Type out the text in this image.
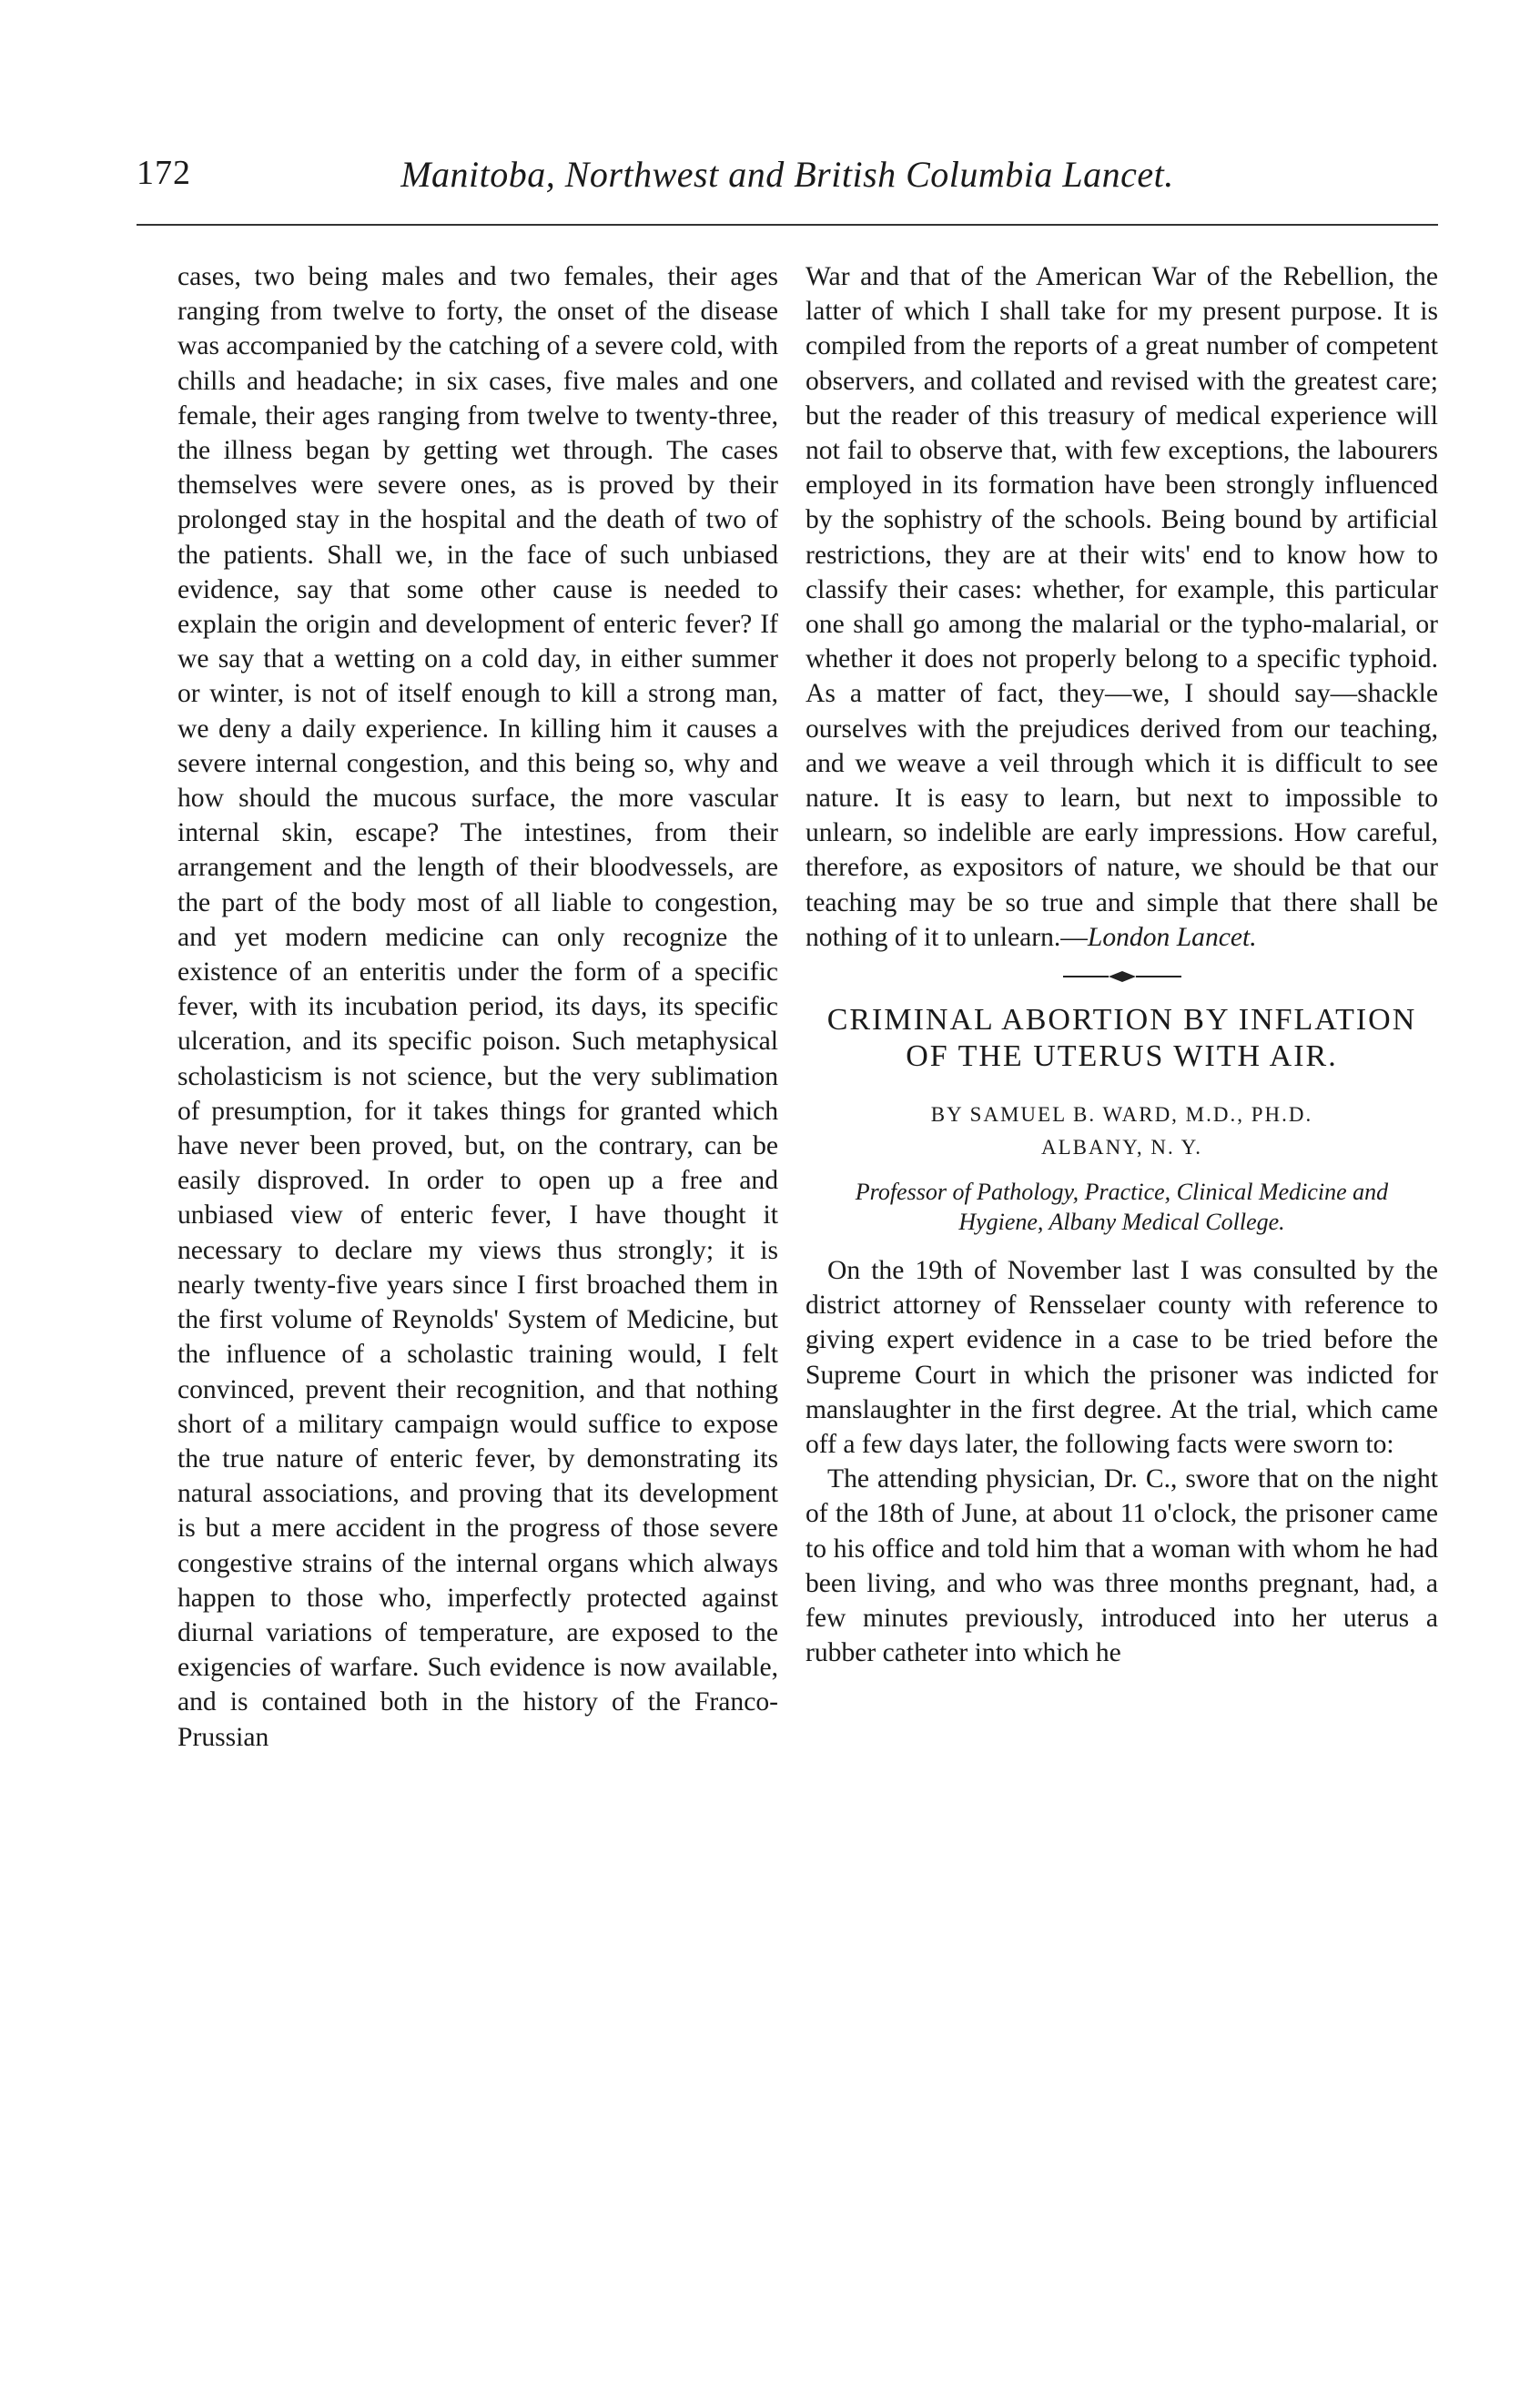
172	Manitoba, Northwest and British Columbia Lancet.

cases, two being males and two females, their ages ranging from twelve to forty, the onset of the disease was accompanied by the catching of a severe cold, with chills and headache; in six cases, five males and one female, their ages ranging from twelve to twenty-three, the illness began by getting wet through. The cases themselves were severe ones, as is proved by their prolonged stay in the hospital and the death of two of the patients. Shall we, in the face of such unbiased evidence, say that some other cause is needed to explain the origin and development of enteric fever? If we say that a wetting on a cold day, in either summer or winter, is not of itself enough to kill a strong man, we deny a daily experience. In killing him it causes a severe internal congestion, and this being so, why and how should the mucous surface, the more vascular internal skin, escape? The intestines, from their arrangement and the length of their bloodvessels, are the part of the body most of all liable to congestion, and yet modern medicine can only recognize the existence of an enteritis under the form of a specific fever, with its incubation period, its days, its specific ulceration, and its specific poison. Such metaphysical scholasticism is not science, but the very sublimation of presumption, for it takes things for granted which have never been proved, but, on the contrary, can be easily disproved. In order to open up a free and unbiased view of enteric fever, I have thought it necessary to declare my views thus strongly; it is nearly twenty-five years since I first broached them in the first volume of Reynolds' System of Medicine, but the influence of a scholastic training would, I felt convinced, prevent their recognition, and that nothing short of a military campaign would suffice to expose the true nature of enteric fever, by demonstrating its natural associations, and proving that its development is but a mere accident in the progress of those severe congestive strains of the internal organs which always happen to those who, imperfectly protected against diurnal variations of temperature, are exposed to the exigencies of warfare. Such evidence is now available, and is contained both in the history of the Franco-Prussian

War and that of the American War of the Rebellion, the latter of which I shall take for my present purpose. It is compiled from the reports of a great number of competent observers, and collated and revised with the greatest care; but the reader of this treasury of medical experience will not fail to observe that, with few exceptions, the labourers employed in its formation have been strongly influenced by the sophistry of the schools. Being bound by artificial restrictions, they are at their wits' end to know how to classify their cases: whether, for example, this particular one shall go among the malarial or the typho-malarial, or whether it does not properly belong to a specific typhoid. As a matter of fact, they—we, I should say—shackle ourselves with the prejudices derived from our teaching, and we weave a veil through which it is difficult to see nature. It is easy to learn, but next to impossible to unlearn, so indelible are early impressions. How careful, therefore, as expositors of nature, we should be that our teaching may be so true and simple that there shall be nothing of it to unlearn.—London Lancet.

CRIMINAL ABORTION BY INFLATION OF THE UTERUS WITH AIR.
BY SAMUEL B. WARD, M.D., PH.D.
ALBANY, N. Y.
Professor of Pathology, Practice, Clinical Medicine and Hygiene, Albany Medical College.

On the 19th of November last I was consulted by the district attorney of Rensselaer county with reference to giving expert evidence in a case to be tried before the Supreme Court in which the prisoner was indicted for manslaughter in the first degree. At the trial, which came off a few days later, the following facts were sworn to:

The attending physician, Dr. C., swore that on the night of the 18th of June, at about 11 o'clock, the prisoner came to his office and told him that a woman with whom he had been living, and who was three months pregnant, had, a few minutes previously, introduced into her uterus a rubber catheter into which he
